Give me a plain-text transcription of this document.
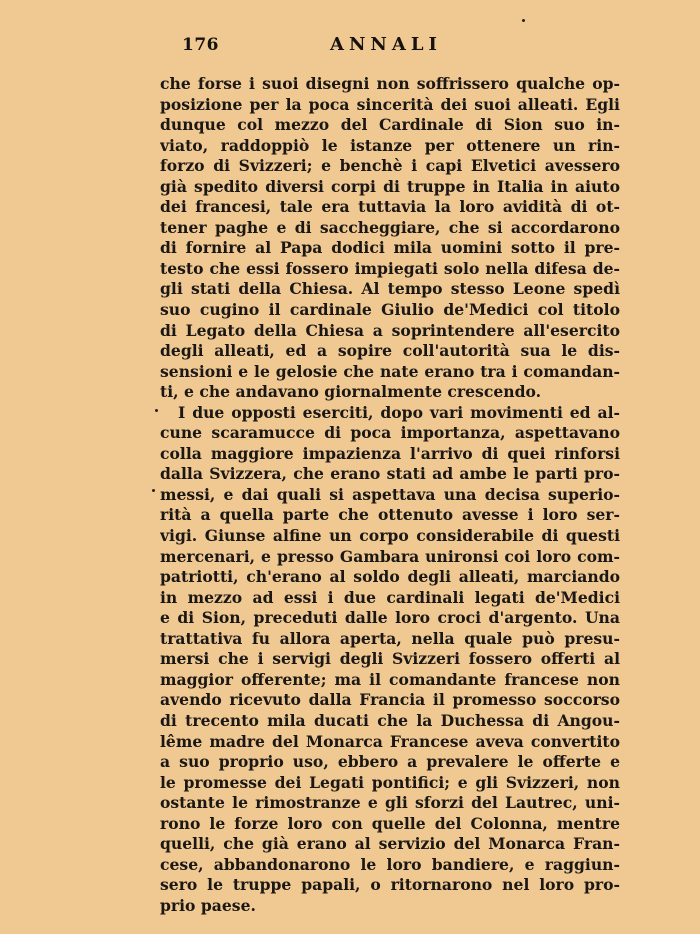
176	ANNALI
che forse i suoi disegni non soffrissero qualche op-
posizione per la poca sincerità dei suoi alleati. Egli
dunque col mezzo del Cardinale di Sion suo in-
viato, raddoppiò le istanze per ottenere un rin-
forzo di Svizzeri; e benchè i capi Elvetici avessero
già spedito diversi corpi di truppe in Italia in aiuto
dei francesi, tale era tuttavia la loro avidità di ot-
tener paghe e di saccheggiare, che si accordarono
di fornire al Papa dodici mila uomini sotto il pre-
testo che essi fossero impiegati solo nella difesa de-
gli stati della Chiesa. Al tempo stesso Leone spedì
suo cugino il cardinale Giulio de'Medici col titolo
di Legato della Chiesa a soprintendere all'esercito
degli alleati, ed a sopire coll'autorità sua le dis-
sensioni e le gelosie che nate erano tra i comandan-
ti, e che andavano giornalmente crescendo.
I due opposti eserciti, dopo vari movimenti ed al-
cune scaramucce di poca importanza, aspettavano
colla maggiore impazienza l'arrivo di quei rinforsi
dalla Svizzera, che erano stati ad ambe le parti pro-
messi, e dai quali si aspettava una decisa superio-
rità a quella parte che ottenuto avesse i loro ser-
vigi. Giunse alfine un corpo considerabile di questi
mercenari, e presso Gambara unironsi coi loro com-
patriotti, ch'erano al soldo degli alleati, marciando
in mezzo ad essi i due cardinali legati de'Medici
e di Sion, preceduti dalle loro croci d'argento. Una
trattativa fu allora aperta, nella quale può presu-
mersi che i servigi degli Svizzeri fossero offerti al
maggior offerente; ma il comandante francese non
avendo ricevuto dalla Francia il promesso soccorso
di trecento mila ducati che la Duchessa di Angou-
lême madre del Monarca Francese aveva convertito
a suo proprio uso, ebbero a prevalere le offerte e
le promesse dei Legati pontifici; e gli Svizzeri, non
ostante le rimostranze e gli sforzi del Lautrec, uni-
rono le forze loro con quelle del Colonna, mentre
quelli, che già erano al servizio del Monarca Fran-
cese, abbandonarono le loro bandiere, e raggiun-
sero le truppe papali, o ritornarono nel loro pro-
prio paese.
